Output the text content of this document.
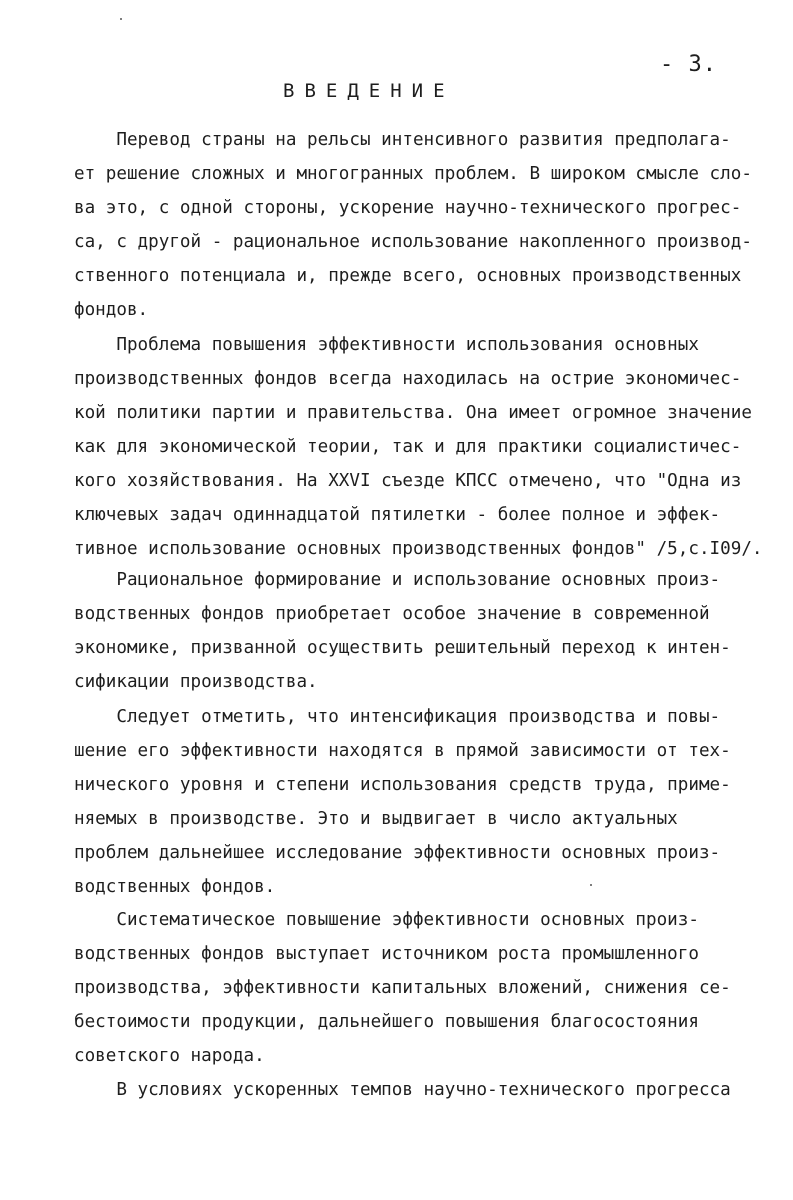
- 3.
ВВЕДЕНИЕ
Перевод страны на рельсы интенсивного развития предполага-
ет решение сложных и многогранных проблем. В широком смысле сло-
ва это, с одной стороны, ускорение научно-технического прогрес-
са, с другой - рациональное использование накопленного производ-
ственного потенциала и, прежде всего, основных производственных
фондов.
Проблема повышения эффективности использования основных
производственных фондов всегда находилась на острие экономичес-
кой политики партии и правительства. Она имеет огромное значение
как для экономической теории, так и для практики социалистичес-
кого хозяйствования. На XXVI съезде КПСС отмечено, что "Одна из
ключевых задач одиннадцатой пятилетки - более полное и эффек-
тивное использование основных производственных фондов" /5,с.I09/.
Рациональное формирование и использование основных произ-
водственных фондов приобретает особое значение в современной
экономике, призванной осуществить решительный переход к интен-
сификации производства.
Следует отметить, что интенсификация производства и повы-
шение его эффективности находятся в прямой зависимости от тех-
нического уровня и степени использования средств труда, приме-
няемых в производстве. Это и выдвигает в число актуальных
проблем дальнейшее исследование эффективности основных произ-
водственных фондов.
Систематическое повышение эффективности основных произ-
водственных фондов выступает источником роста промышленного
производства, эффективности капитальных вложений, снижения се-
бестоимости продукции, дальнейшего повышения благосостояния
советского народа.
В условиях ускоренных темпов научно-технического прогресса
